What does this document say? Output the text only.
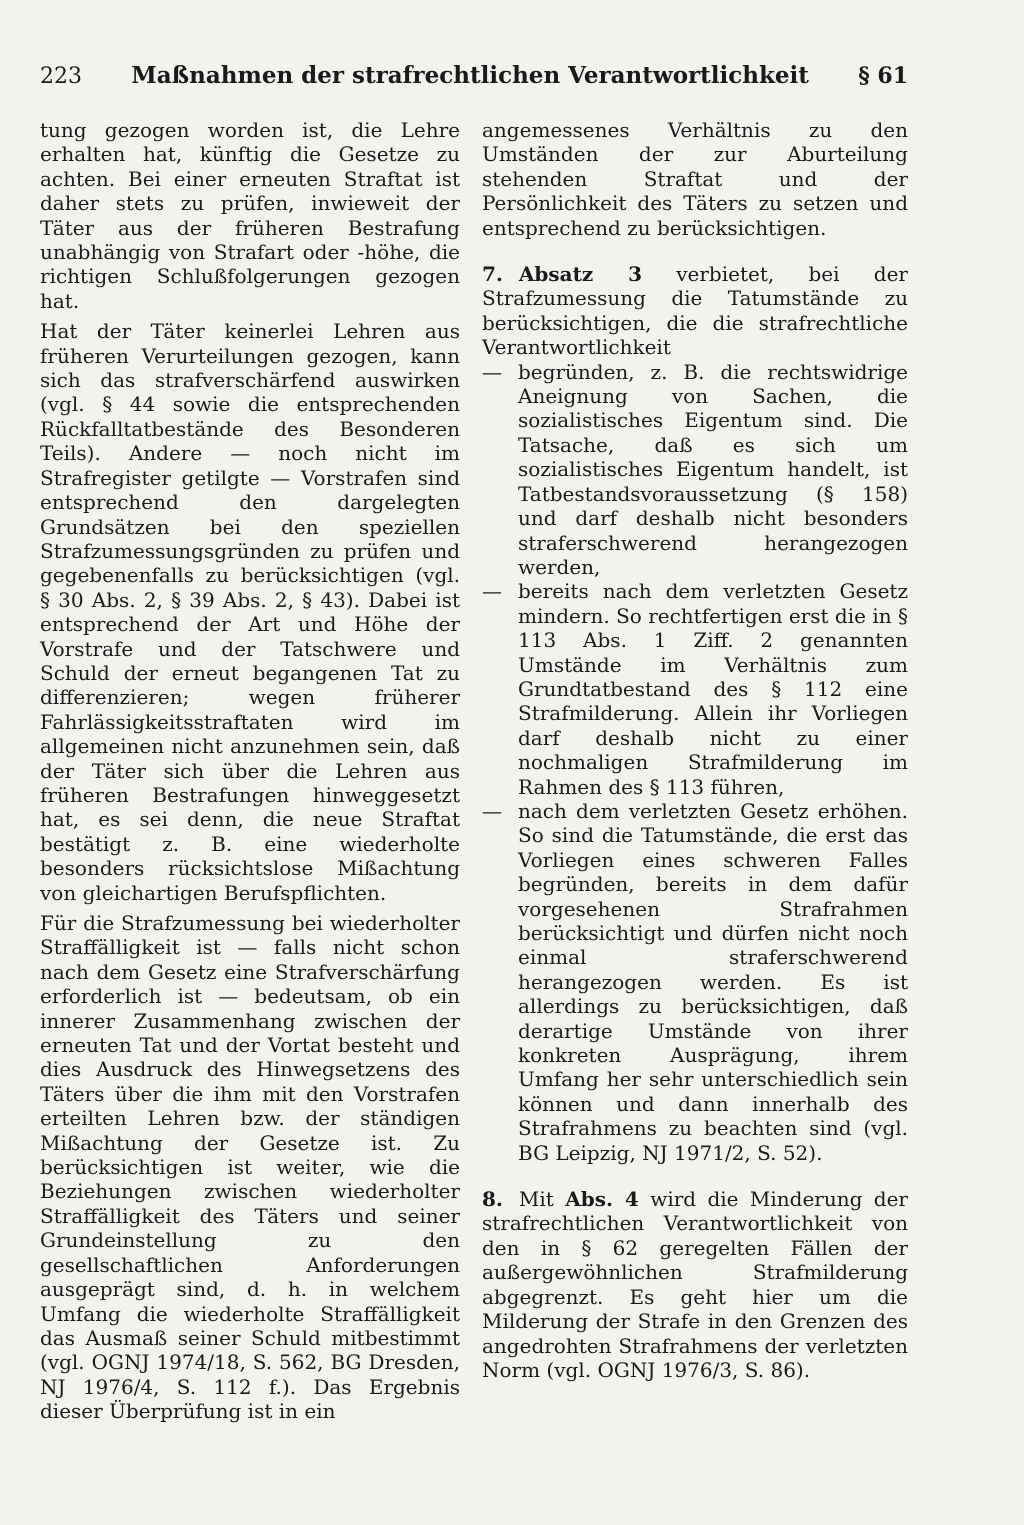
223 Maßnahmen der strafrechtlichen Verantwortlichkeit § 61

tung gezogen worden ist, die Lehre erhalten hat, künftig die Gesetze zu achten. Bei einer erneuten Straftat ist daher stets zu prüfen, inwieweit der Täter aus der früheren Bestrafung unabhängig von Strafart oder -höhe, die richtigen Schlußfolgerungen gezogen hat.

Hat der Täter keinerlei Lehren aus früheren Verurteilungen gezogen, kann sich das strafverschärfend auswirken (vgl. § 44 sowie die entsprechenden Rückfalltatbestände des Besonderen Teils). Andere — noch nicht im Strafregister getilgte — Vorstrafen sind entsprechend den dargelegten Grundsätzen bei den speziellen Strafzumessungsgründen zu prüfen und gegebenenfalls zu berücksichtigen (vgl. § 30 Abs. 2, § 39 Abs. 2, § 43). Dabei ist entsprechend der Art und Höhe der Vorstrafe und der Tatschwere und Schuld der erneut begangenen Tat zu differenzieren; wegen früherer Fahrlässigkeitsstraftaten wird im allgemeinen nicht anzunehmen sein, daß der Täter sich über die Lehren aus früheren Bestrafungen hinweggesetzt hat, es sei denn, die neue Straftat bestätigt z. B. eine wiederholte besonders rücksichtslose Mißachtung von gleichartigen Berufspflichten.

Für die Strafzumessung bei wiederholter Straffälligkeit ist — falls nicht schon nach dem Gesetz eine Strafverschärfung erforderlich ist — bedeutsam, ob ein innerer Zusammenhang zwischen der erneuten Tat und der Vortat besteht und dies Ausdruck des Hinwegsetzens des Täters über die ihm mit den Vorstrafen erteilten Lehren bzw. der ständigen Mißachtung der Gesetze ist. Zu berücksichtigen ist weiter, wie die Beziehungen zwischen wiederholter Straffälligkeit des Täters und seiner Grundeinstellung zu den gesellschaftlichen Anforderungen ausgeprägt sind, d. h. in welchem Umfang die wiederholte Straffälligkeit das Ausmaß seiner Schuld mitbestimmt (vgl. OGNJ 1974/18, S. 562, BG Dresden, NJ 1976/4, S. 112 f.). Das Ergebnis dieser Überprüfung ist in ein

angemessenes Verhältnis zu den Umständen der zur Aburteilung stehenden Straftat und der Persönlichkeit des Täters zu setzen und entsprechend zu berücksichtigen.

7. Absatz 3 verbietet, bei der Strafzumessung die Tatumstände zu berücksichtigen, die die strafrechtliche Verantwortlichkeit

— begründen, z. B. die rechtswidrige Aneignung von Sachen, die sozialistisches Eigentum sind. Die Tatsache, daß es sich um sozialistisches Eigentum handelt, ist Tatbestandsvoraussetzung (§ 158) und darf deshalb nicht besonders straferschwerend herangezogen werden,
— bereits nach dem verletzten Gesetz mindern. So rechtfertigen erst die in § 113 Abs. 1 Ziff. 2 genannten Umstände im Verhältnis zum Grundtatbestand des § 112 eine Strafmilderung. Allein ihr Vorliegen darf deshalb nicht zu einer nochmaligen Strafmilderung im Rahmen des § 113 führen,
— nach dem verletzten Gesetz erhöhen. So sind die Tatumstände, die erst das Vorliegen eines schweren Falles begründen, bereits in dem dafür vorgesehenen Strafrahmen berücksichtigt und dürfen nicht noch einmal straferschwerend herangezogen werden. Es ist allerdings zu berücksichtigen, daß derartige Umstände von ihrer konkreten Ausprägung, ihrem Umfang her sehr unterschiedlich sein können und dann innerhalb des Strafrahmens zu beachten sind (vgl. BG Leipzig, NJ 1971/2, S. 52).

8. Mit Abs. 4 wird die Minderung der strafrechtlichen Verantwortlichkeit von den in § 62 geregelten Fällen der außergewöhnlichen Strafmilderung abgegrenzt. Es geht hier um die Milderung der Strafe in den Grenzen des angedrohten Strafrahmens der verletzten Norm (vgl. OGNJ 1976/3, S. 86).
